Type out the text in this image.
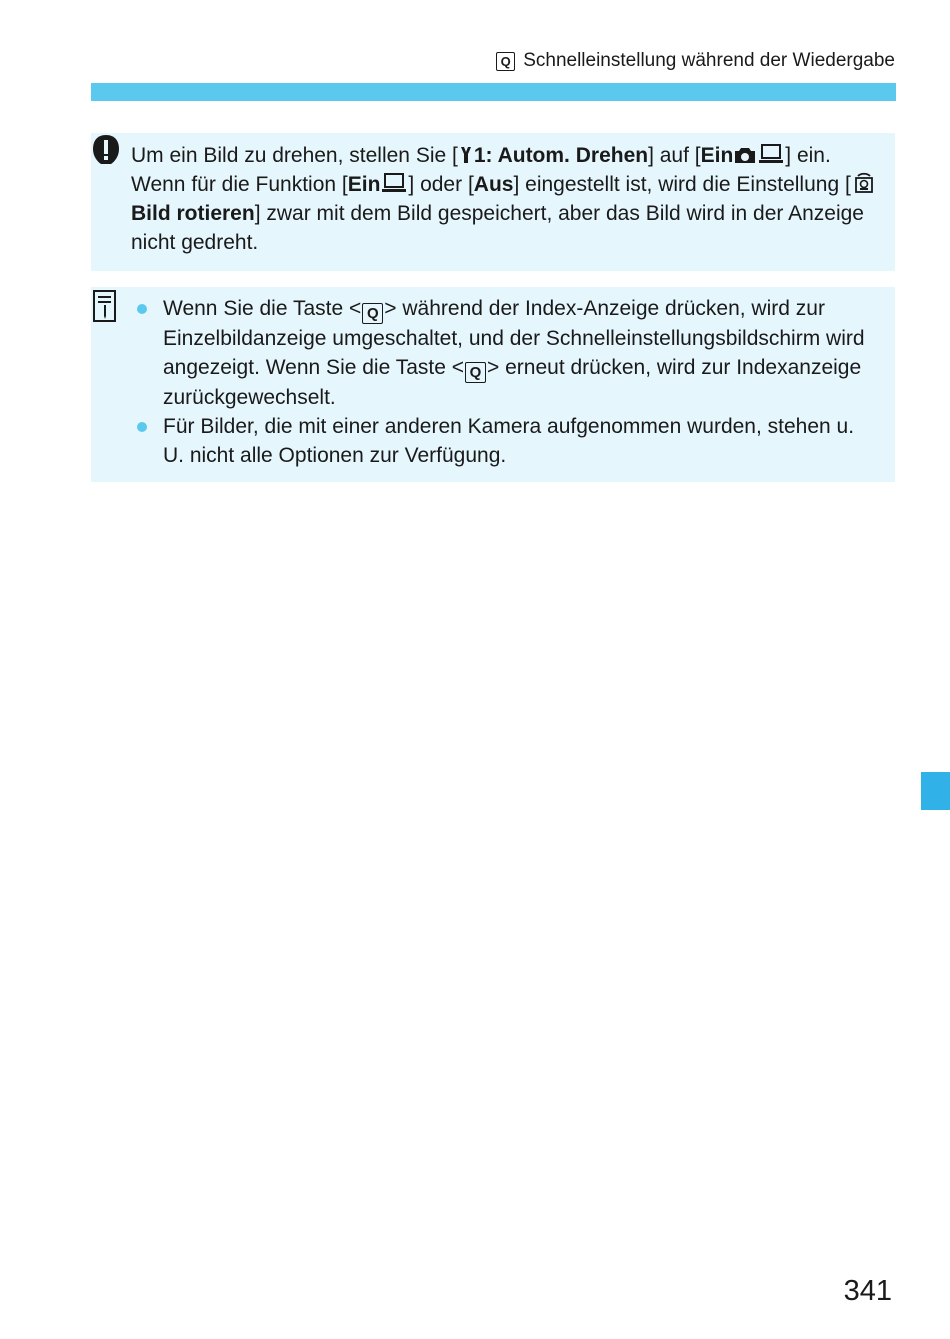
Q Schnelleinstellung während der Wiedergabe

Um ein Bild zu drehen, stellen Sie [ 1: Autom. Drehen] auf [Ein ] ein. Wenn für die Funktion [Ein ] oder [Aus] eingestellt ist, wird die Einstellung [ Bild rotieren] zwar mit dem Bild gespeichert, aber das Bild wird in der Anzeige nicht gedreht.

Wenn Sie die Taste < Q > während der Index-Anzeige drücken, wird zur Einzelbildanzeige umgeschaltet, und der Schnelleinstellungsbildschirm wird angezeigt. Wenn Sie die Taste < Q > erneut drücken, wird zur Indexanzeige zurückgewechselt.
Für Bilder, die mit einer anderen Kamera aufgenommen wurden, stehen u. U. nicht alle Optionen zur Verfügung.
341
